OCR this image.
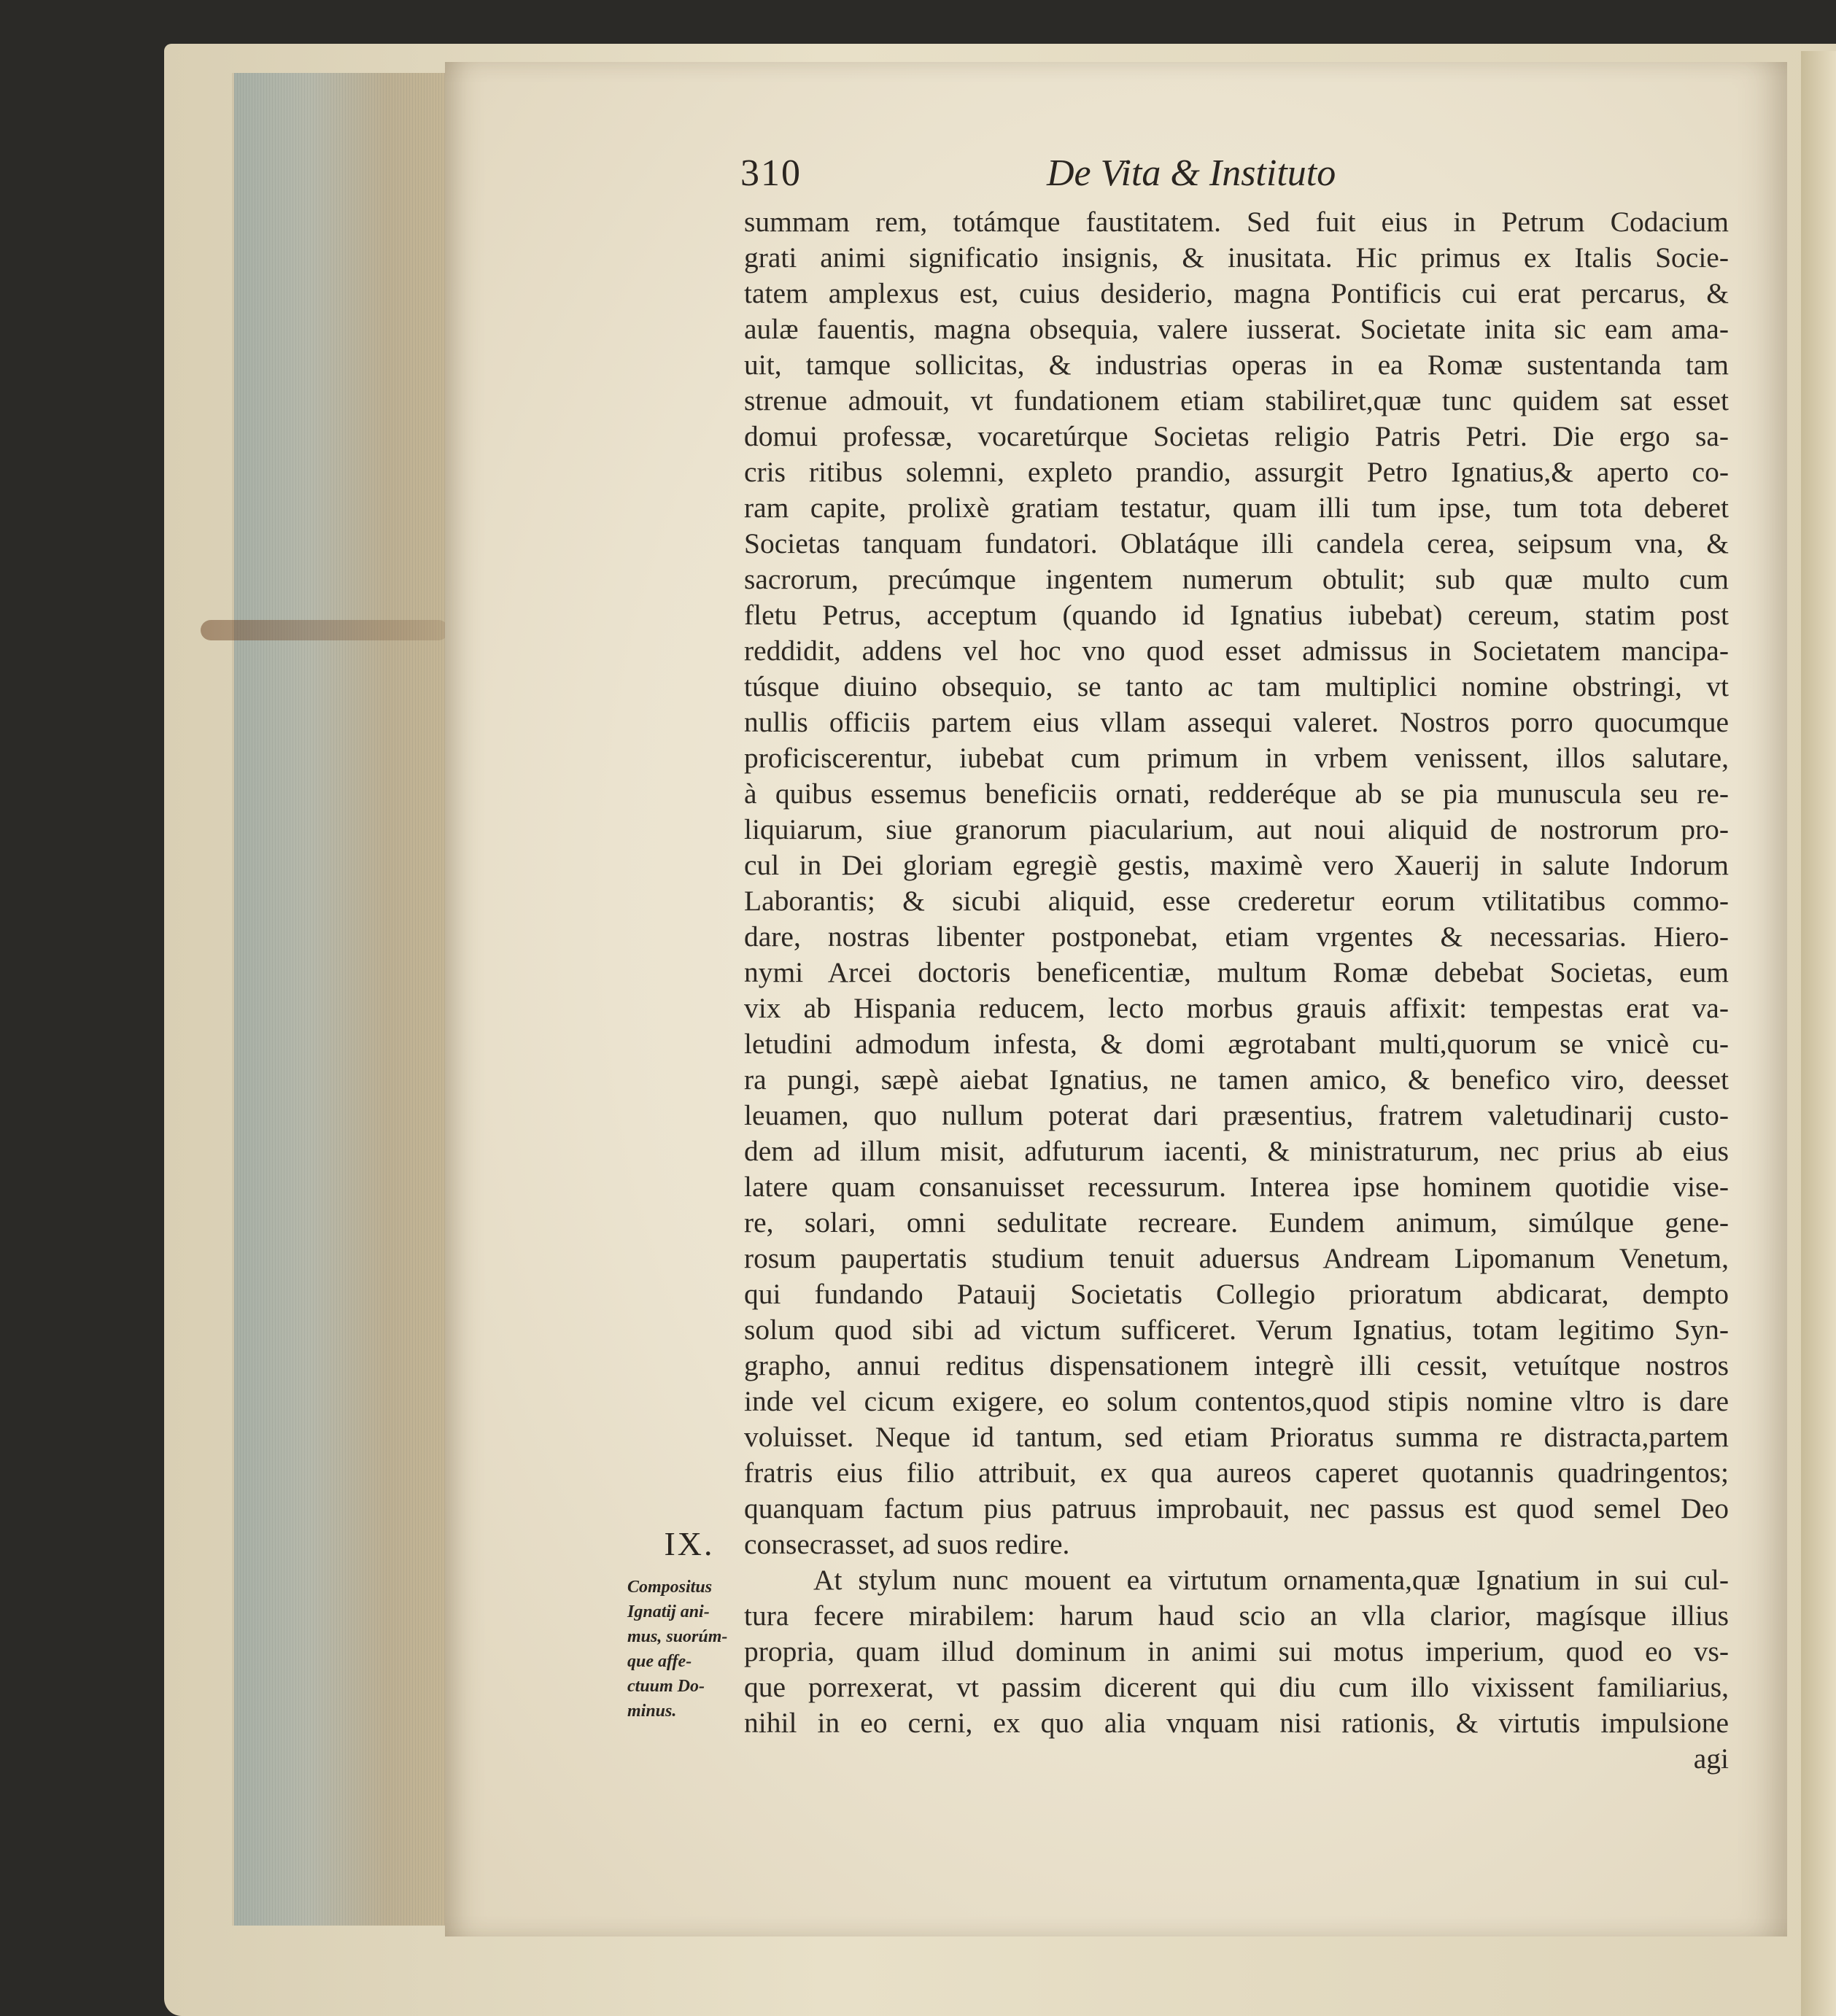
310	De Vita & Instituto
summam rem, totámque faustitatem. Sed fuit eius in Petrum Codacium
grati animi significatio insignis, & inusitata. Hic primus ex Italis Socie-
tatem amplexus est, cuius desiderio, magna Pontificis cui erat percarus, &
aulæ fauentis, magna obsequia, valere iusserat. Societate inita sic eam ama-
uit, tamque sollicitas, & industrias operas in ea Romæ sustentanda tam
strenue admouit, vt fundationem etiam stabiliret,quæ tunc quidem sat esset
domui professæ, vocaretúrque Societas religio Patris Petri. Die ergo sa-
cris ritibus solemni, expleto prandio, assurgit Petro Ignatius,& aperto co-
ram capite, prolixè gratiam testatur, quam illi tum ipse, tum tota deberet
Societas tanquam fundatori. Oblatáque illi candela cerea, seipsum vna, &
sacrorum, precúmque ingentem numerum obtulit; sub quæ multo cum
fletu Petrus, acceptum (quando id Ignatius iubebat) cereum, statim post
reddidit, addens vel hoc vno quod esset admissus in Societatem mancipa-
túsque diuino obsequio, se tanto ac tam multiplici nomine obstringi, vt
nullis officiis partem eius vllam assequi valeret. Nostros porro quocumque
proficiscerentur, iubebat cum primum in vrbem venissent, illos salutare,
à quibus essemus beneficiis ornati, redderéque ab se pia munuscula seu re-
liquiarum, siue granorum piacularium, aut noui aliquid de nostrorum pro-
cul in Dei gloriam egregiè gestis, maximè vero Xauerij in salute Indorum
Laborantis; & sicubi aliquid, esse crederetur eorum vtilitatibus commo-
dare, nostras libenter postponebat, etiam vrgentes & necessarias. Hiero-
nymi Arcei doctoris beneficentiæ, multum Romæ debebat Societas, eum
vix ab Hispania reducem, lecto morbus grauis affixit: tempestas erat va-
letudini admodum infesta, & domi ægrotabant multi,quorum se vnicè cu-
ra pungi, sæpè aiebat Ignatius, ne tamen amico, & benefico viro, deesset
leuamen, quo nullum poterat dari præsentius, fratrem valetudinarij custo-
dem ad illum misit, adfuturum iacenti, & ministraturum, nec prius ab eius
latere quam consanuisset recessurum. Interea ipse hominem quotidie vise-
re, solari, omni sedulitate recreare. Eundem animum, simúlque gene-
rosum paupertatis studium tenuit aduersus Andream Lipomanum Venetum,
qui fundando Patauij Societatis Collegio prioratum abdicarat, dempto
solum quod sibi ad victum sufficeret. Verum Ignatius, totam legitimo Syn-
grapho, annui reditus dispensationem integrè illi cessit, vetuítque nostros
inde vel cicum exigere, eo solum contentos,quod stipis nomine vltro is dare
voluisset. Neque id tantum, sed etiam Prioratus summa re distracta,partem
fratris eius filio attribuit, ex qua aureos caperet quotannis quadringentos;
quanquam factum pius patruus improbauit, nec passus est quod semel Deo
consecrasset, ad suos redire.
At stylum nunc mouent ea virtutum ornamenta,quæ Ignatium in sui cul-
tura fecere mirabilem: harum haud scio an vlla clarior, magísque illius
propria, quam illud dominum in animi sui motus imperium, quod eo vs-
que porrexerat, vt passim dicerent qui diu cum illo vixissent familiarius,
nihil in eo cerni, ex quo alia vnquam nisi rationis, & virtutis impulsione
agi
IX.
Compositus
Ignatij ani-
mus, suorúm-
que affe-
ctuum Do-
minus.
